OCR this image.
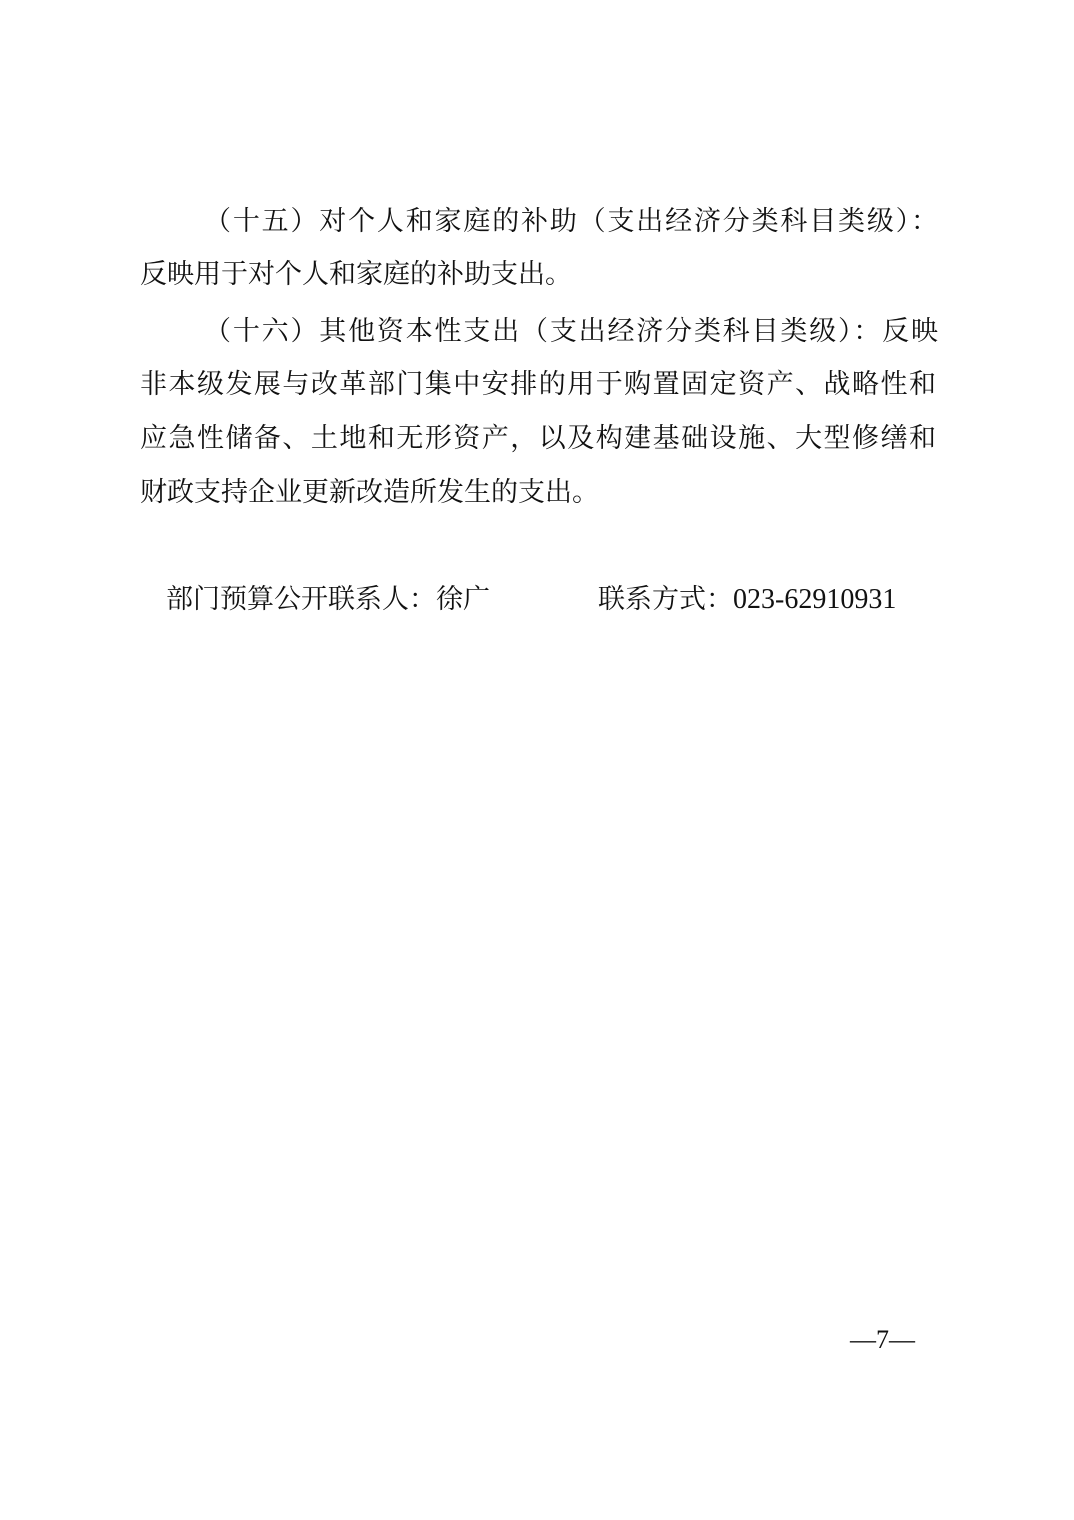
（十五）对个人和家庭的补助（支出经济分类科目类级）：
反映用于对个人和家庭的补助支出。
（十六）其他资本性支出（支出经济分类科目类级）：反映
非本级发展与改革部门集中安排的用于购置固定资产、战略性和
应急性储备、土地和无形资产，以及构建基础设施、大型修缮和
财政支持企业更新改造所发生的支出。
部门预算公开联系人：徐广	联系方式：023-62910931
—7—
